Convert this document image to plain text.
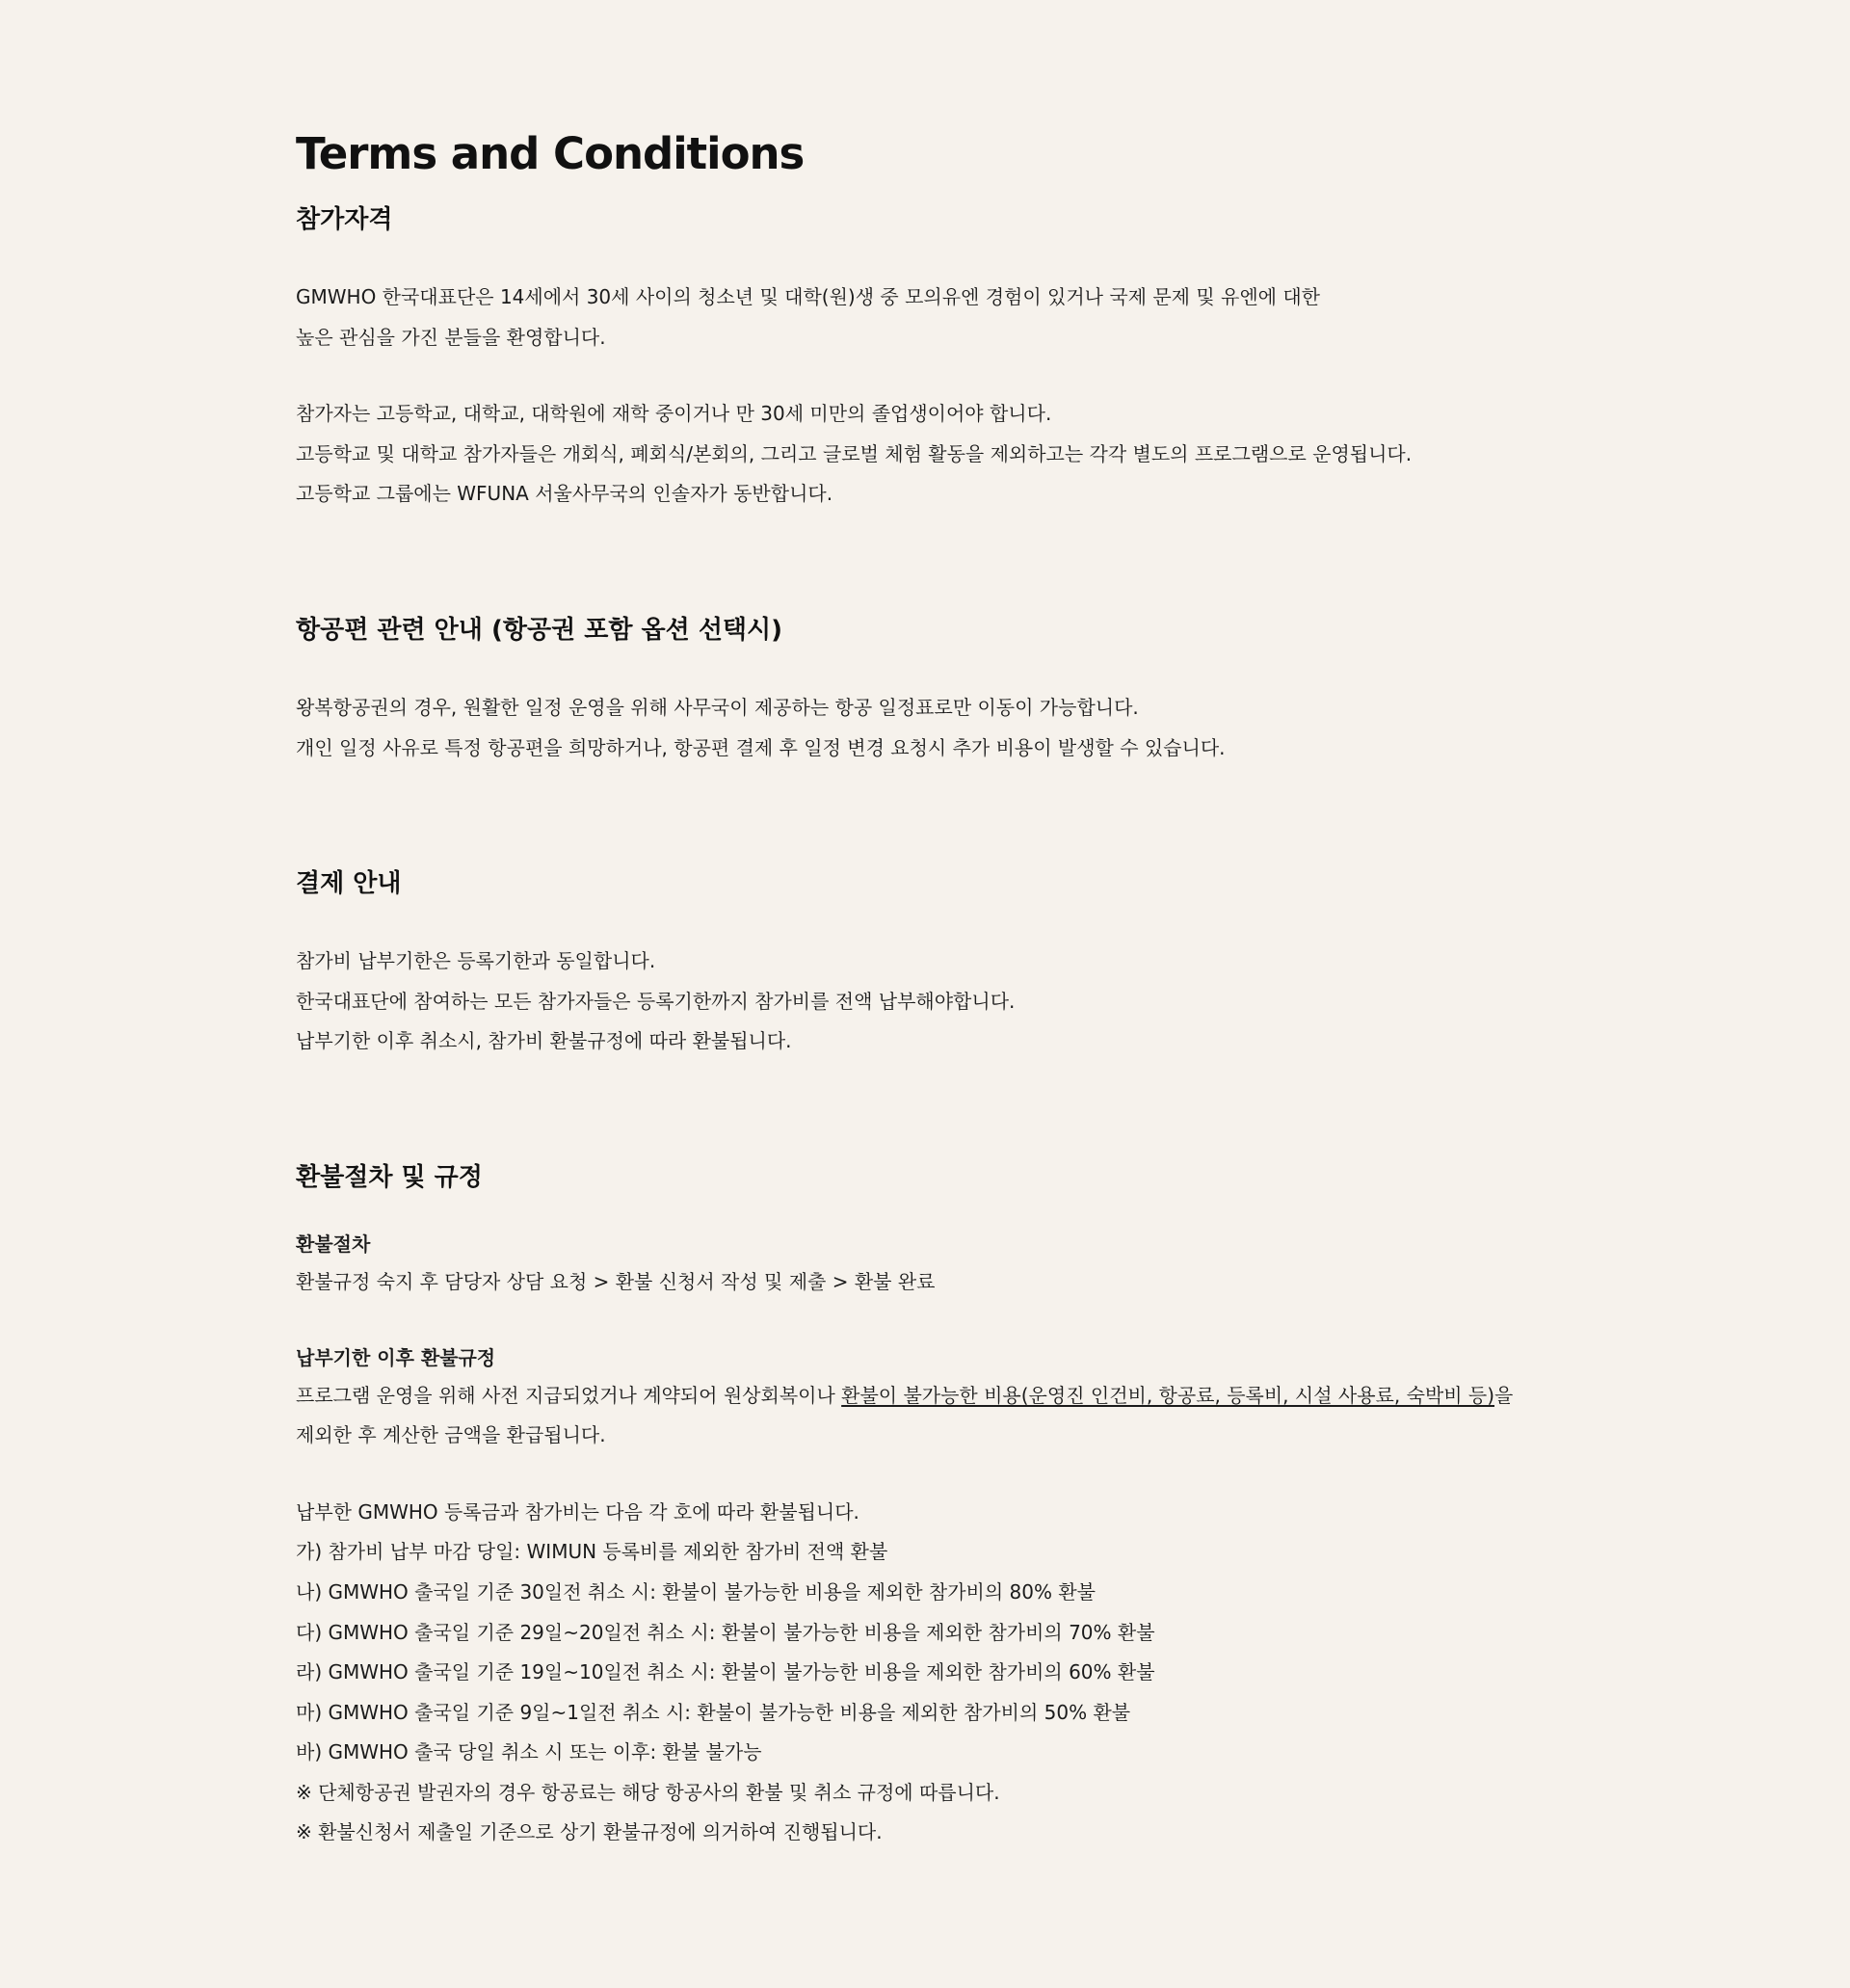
Terms and Conditions
참가자격

GMWHO 한국대표단은 14세에서 30세 사이의 청소년 및 대학(원)생 중 모의유엔 경험이 있거나 국제 문제 및 유엔에 대한

높은 관심을 가진 분들을 환영합니다.

참가자는 고등학교, 대학교, 대학원에 재학 중이거나 만 30세 미만의 졸업생이어야 합니다.

고등학교 및 대학교 참가자들은 개회식, 폐회식/본회의, 그리고 글로벌 체험 활동을 제외하고는 각각 별도의 프로그램으로 운영됩니다.

고등학교 그룹에는 WFUNA 서울사무국의 인솔자가 동반합니다.

항공편 관련 안내 (항공권 포함 옵션 선택시)

왕복항공권의 경우, 원활한 일정 운영을 위해 사무국이 제공하는 항공 일정표로만 이동이 가능합니다.

개인 일정 사유로 특정 항공편을 희망하거나, 항공편 결제 후 일정 변경 요청시 추가 비용이 발생할 수 있습니다.

결제 안내

참가비 납부기한은 등록기한과 동일합니다.

한국대표단에 참여하는 모든 참가자들은 등록기한까지 참가비를 전액 납부해야합니다.

납부기한 이후 취소시, 참가비 환불규정에 따라 환불됩니다.

환불절차 및 규정
환불절차

환불규정 숙지 후 담당자 상담 요청 > 환불 신청서 작성 및 제출 > 환불 완료

납부기한 이후 환불규정

프로그램 운영을 위해 사전 지급되었거나 계약되어 원상회복이나 환불이 불가능한 비용(운영진 인건비, 항공료, 등록비, 시설 사용료, 숙박비 등)을

제외한 후 계산한 금액을 환급됩니다.

납부한 GMWHO 등록금과 참가비는 다음 각 호에 따라 환불됩니다.

가) 참가비 납부 마감 당일: WIMUN 등록비를 제외한 참가비 전액 환불

나) GMWHO 출국일 기준 30일전 취소 시: 환불이 불가능한 비용을 제외한 참가비의 80% 환불

다) GMWHO 출국일 기준 29일~20일전 취소 시: 환불이 불가능한 비용을 제외한 참가비의 70% 환불

라) GMWHO 출국일 기준 19일~10일전 취소 시: 환불이 불가능한 비용을 제외한 참가비의 60% 환불

마) GMWHO 출국일 기준 9일~1일전 취소 시: 환불이 불가능한 비용을 제외한 참가비의 50% 환불

바) GMWHO 출국 당일 취소 시 또는 이후: 환불 불가능

※ 단체항공권 발권자의 경우 항공료는 해당 항공사의 환불 및 취소 규정에 따릅니다.

※ 환불신청서 제출일 기준으로 상기 환불규정에 의거하여 진행됩니다.
